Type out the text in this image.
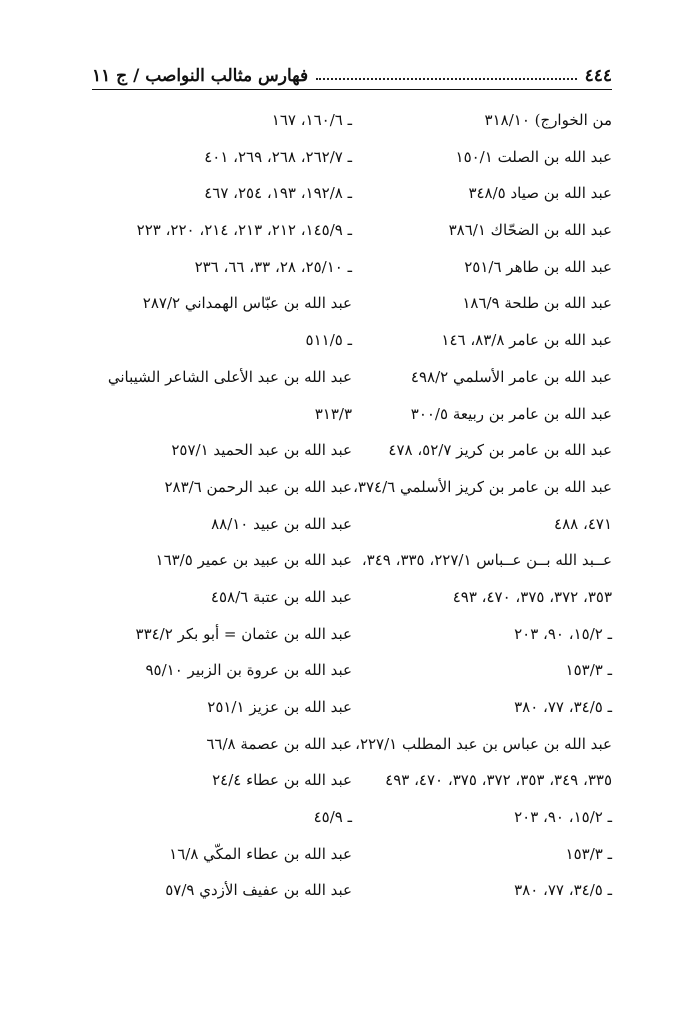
٤٤٤
فهارس مثالب النواصب / ج ١١
من الخوارج) ٣١٨/١٠
عبد الله بن الصلت ١٥٠/١
عبد الله بن صياد ٣٤٨/٥
عبد الله بن الضحّاك ٣٨٦/١
عبد الله بن طاهر ٢٥١/٦
عبد الله بن طلحة ١٨٦/٩
عبد الله بن عامر ٨٣/٨، ١٤٦
عبد الله بن عامر الأسلمي ٤٩٨/٢
عبد الله بن عامر بن ربيعة ٣٠٠/٥
عبد الله بن عامر بن كريز ٥٢/٧، ٤٧٨
عبد الله بن عامر بن كريز الأسلمي ٣٧٤/٦،
٤٧١، ٤٨٨
عــبد الله بــن عــباس ٢٢٧/١، ٣٣٥، ٣٤٩،
٣٥٣، ٣٧٢، ٣٧٥، ٤٧٠، ٤٩٣
ـ ١٥/٢، ٩٠، ٢٠٣
ـ ١٥٣/٣
ـ ٣٤/٥، ٧٧، ٣٨٠
عبد الله بن عباس بن عبد المطلب ٢٢٧/١،
٣٣٥، ٣٤٩، ٣٥٣، ٣٧٢، ٣٧٥، ٤٧٠، ٤٩٣
ـ ١٥/٢، ٩٠، ٢٠٣
ـ ١٥٣/٣
ـ ٣٤/٥، ٧٧، ٣٨٠
ـ ١٦٠/٦، ١٦٧
ـ ٢٦٢/٧، ٢٦٨، ٢٦٩، ٤٠١
ـ ١٩٢/٨، ١٩٣، ٢٥٤، ٤٦٧
ـ ١٤٥/٩، ٢١٢، ٢١٣، ٢١٤، ٢٢٠، ٢٢٣
ـ ٢٥/١٠، ٢٨، ٣٣، ٦٦، ٢٣٦
عبد الله بن عبّاس الهمداني ٢٨٧/٢
ـ ٥١١/٥
عبد الله بن عبد الأعلى الشاعر الشيباني
٣١٣/٣
عبد الله بن عبد الحميد ٢٥٧/١
عبد الله بن عبد الرحمن ٢٨٣/٦
عبد الله بن عبيد ٨٨/١٠
عبد الله بن عبيد بن عمير ١٦٣/٥
عبد الله بن عتبة ٤٥٨/٦
عبد الله بن عثمان = أبو بكر ٣٣٤/٢
عبد الله بن عروة بن الزبير ٩٥/١٠
عبد الله بن عزيز ٢٥١/١
عبد الله بن عصمة ٦٦/٨
عبد الله بن عطاء ٢٤/٤
ـ ٤٥/٩
عبد الله بن عطاء المكّي ١٦/٨
عبد الله بن عفيف الأزدي ٥٧/٩
